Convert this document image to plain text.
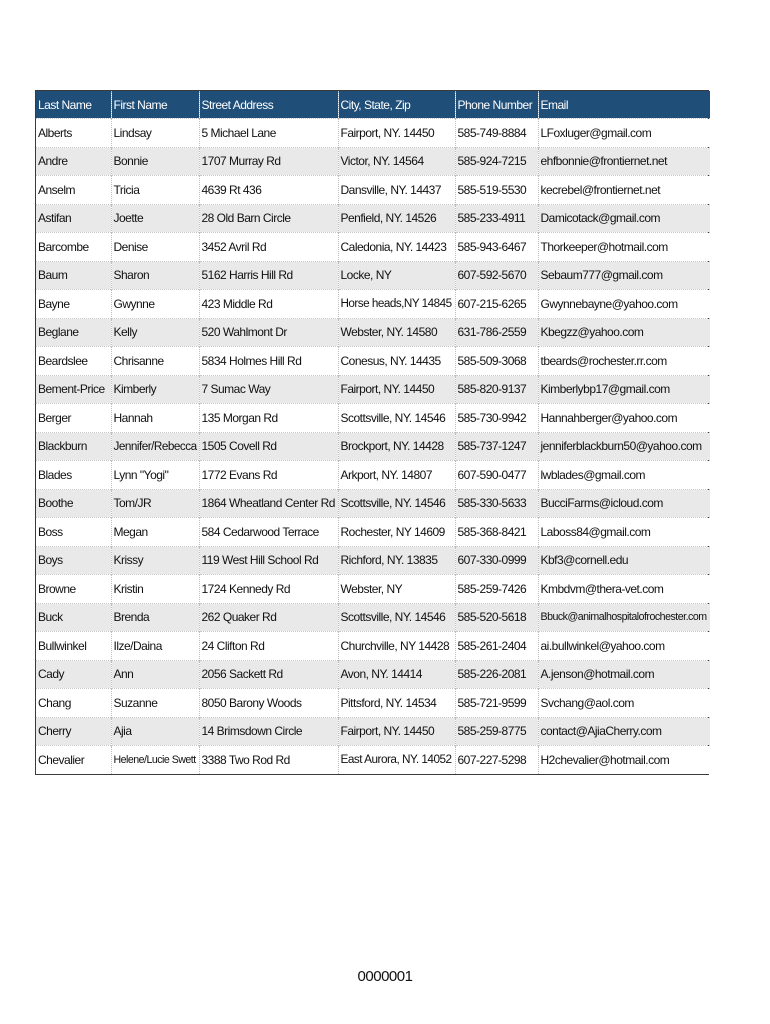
Last Name	First Name	Street Address	City, State, Zip	Phone Number	Email
Alberts	Lindsay	5 Michael Lane	Fairport, NY. 14450	585-749-8884	LFoxluger@gmail.com
Andre	Bonnie	1707 Murray Rd	Victor, NY. 14564	585-924-7215	ehfbonnie@frontiernet.net
Anselm	Tricia	4639 Rt 436	Dansville, NY. 14437	585-519-5530	kecrebel@frontiernet.net
Astifan	Joette	28 Old Barn Circle	Penfield, NY. 14526	585-233-4911	Damicotack@gmail.com
Barcombe	Denise	3452 Avril Rd	Caledonia, NY. 14423	585-943-6467	Thorkeeper@hotmail.com
Baum	Sharon	5162 Harris Hill Rd	Locke, NY	607-592-5670	Sebaum777@gmail.com
Bayne	Gwynne	423 Middle Rd	Horse heads,NY 14845	607-215-6265	Gwynnebayne@yahoo.com
Beglane	Kelly	520 Wahlmont Dr	Webster, NY. 14580	631-786-2559	Kbegzz@yahoo.com
Beardslee	Chrisanne	5834 Holmes Hill Rd	Conesus, NY. 14435	585-509-3068	tbeards@rochester.rr.com
Bement-Price	Kimberly	7 Sumac Way	Fairport, NY. 14450	585-820-9137	Kimberlybp17@gmail.com
Berger	Hannah	135 Morgan Rd	Scottsville, NY. 14546	585-730-9942	Hannahberger@yahoo.com
Blackburn	Jennifer/Rebecca	1505 Covell Rd	Brockport, NY. 14428	585-737-1247	jenniferblackburn50@yahoo.com
Blades	Lynn "Yogi"	1772 Evans Rd	Arkport, NY. 14807	607-590-0477	lwblades@gmail.com
Boothe	Tom/JR	1864 Wheatland Center Rd	Scottsville, NY. 14546	585-330-5633	BucciFarms@icloud.com
Boss	Megan	584 Cedarwood Terrace	Rochester, NY 14609	585-368-8421	Laboss84@gmail.com
Boys	Krissy	119 West Hill School Rd	Richford, NY. 13835	607-330-0999	Kbf3@cornell.edu
Browne	Kristin	1724 Kennedy Rd	Webster, NY	585-259-7426	Kmbdvm@thera-vet.com
Buck	Brenda	262 Quaker Rd	Scottsville, NY. 14546	585-520-5618	Bbuck@animalhospitalofrochester.com
Bullwinkel	Ilze/Daina	24 Clifton Rd	Churchville, NY 14428	585-261-2404	ai.bullwinkel@yahoo.com
Cady	Ann	2056 Sackett Rd	Avon, NY. 14414	585-226-2081	A.jenson@hotmail.com
Chang	Suzanne	8050 Barony Woods	Pittsford, NY. 14534	585-721-9599	Svchang@aol.com
Cherry	Ajia	14 Brimsdown Circle	Fairport, NY. 14450	585-259-8775	contact@AjiaCherry.com
Chevalier	Helene/Lucie Swett	3388 Two Rod Rd	East Aurora, NY. 14052	607-227-5298	H2chevalier@hotmail.com
0000001
